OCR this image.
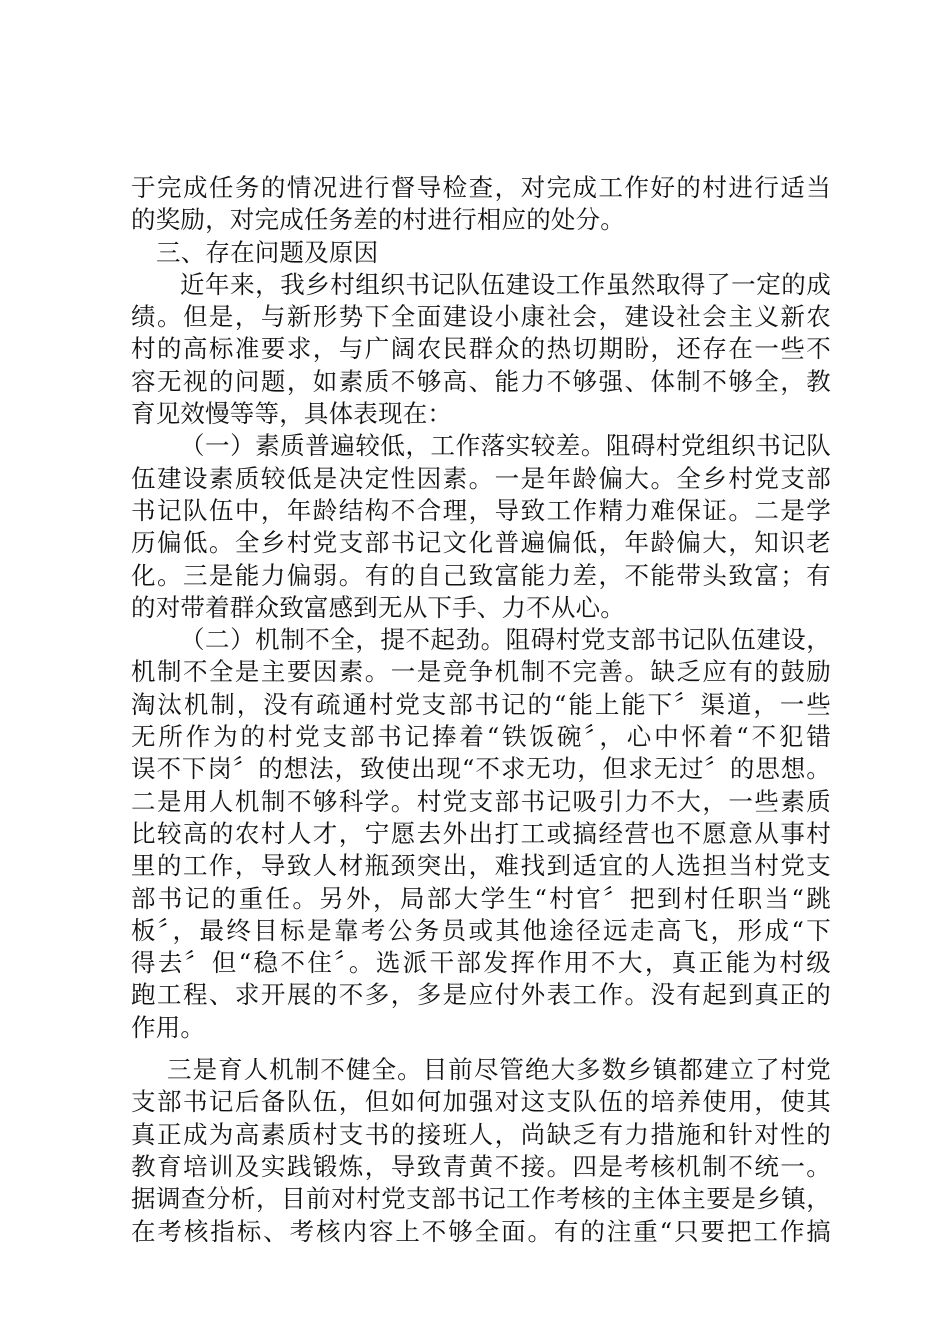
于完成任务的情况进行督导检查，对完成工作好的村进行适当
的奖励，对完成任务差的村进行相应的处分。
三、存在问题及原因
近年来，我乡村组织书记队伍建设工作虽然取得了一定的成
绩。但是，与新形势下全面建设小康社会，建设社会主义新农
村的高标准要求，与广阔农民群众的热切期盼，还存在一些不
容无视的问题，如素质不够高、能力不够强、体制不够全，教
育见效慢等等，具体表现在：
（一）素质普遍较低，工作落实较差。阻碍村党组织书记队
伍建设素质较低是决定性因素。一是年龄偏大。全乡村党支部
书记队伍中，年龄结构不合理，导致工作精力难保证。二是学
历偏低。全乡村党支部书记文化普遍偏低，年龄偏大，知识老
化。三是能力偏弱。有的自己致富能力差，不能带头致富；有
的对带着群众致富感到无从下手、力不从心。
（二）机制不全，提不起劲。阻碍村党支部书记队伍建设，
机制不全是主要因素。一是竞争机制不完善。缺乏应有的鼓励
淘汰机制，没有疏通村党支部书记的“能上能下〞渠道，一些
无所作为的村党支部书记捧着“铁饭碗〞，心中怀着“不犯错
误不下岗〞的想法，致使出现“不求无功，但求无过〞的思想。
二是用人机制不够科学。村党支部书记吸引力不大，一些素质
比较高的农村人才，宁愿去外出打工或搞经营也不愿意从事村
里的工作，导致人材瓶颈突出，难找到适宜的人选担当村党支
部书记的重任。另外，局部大学生“村官〞把到村任职当“跳
板〞，最终目标是靠考公务员或其他途径远走高飞，形成“下
得去〞但“稳不住〞。选派干部发挥作用不大，真正能为村级
跑工程、求开展的不多，多是应付外表工作。没有起到真正的
作用。
三是育人机制不健全。目前尽管绝大多数乡镇都建立了村党
支部书记后备队伍，但如何加强对这支队伍的培养使用，使其
真正成为高素质村支书的接班人，尚缺乏有力措施和针对性的
教育培训及实践锻炼，导致青黄不接。四是考核机制不统一。
据调查分析，目前对村党支部书记工作考核的主体主要是乡镇，
在考核指标、考核内容上不够全面。有的注重“只要把工作搞
